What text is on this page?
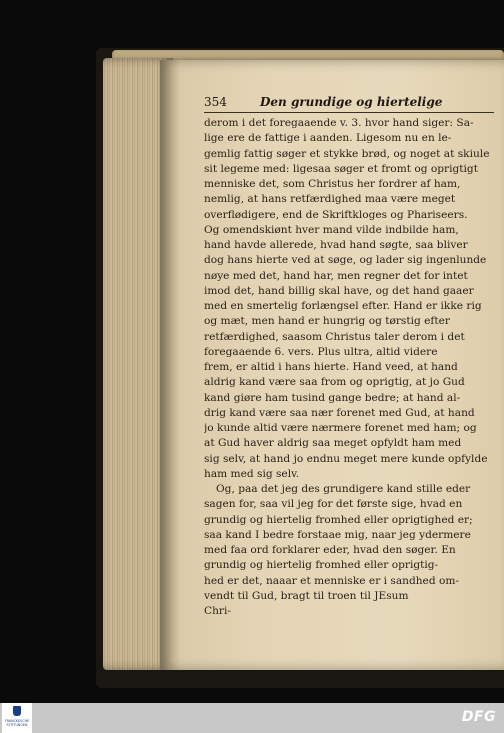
354	Den grundige og hiertelige
derom i det foregaaende v. 3. hvor hand siger: Sa-
lige ere de fattige i aanden. Ligesom nu en le-
gemlig fattig søger et stykke brød, og noget at skiule
sit legeme med: ligesaa søger et fromt og oprigtigt
menniske det, som Christus her fordrer af ham,
nemlig, at hans retfærdighed maa være meget
overflødigere, end de Skriftkloges og Phariseers.
Og omendskiønt hver mand vilde indbilde ham,
hand havde allerede, hvad hand søgte, saa bliver
dog hans hierte ved at søge, og lader sig ingenlunde
nøye med det, hand har, men regner det for intet
imod det, hand billig skal have, og det hand gaaer
med en smertelig forlængsel efter. Hand er ikke rig
og mæt, men hand er hungrig og tørstig efter
retfærdighed, saasom Christus taler derom i det
foregaaende 6. vers. Plus ultra, altid videre
frem, er altid i hans hierte. Hand veed, at hand
aldrig kand være saa from og oprigtig, at jo Gud
kand giøre ham tusind gange bedre; at hand al-
drig kand være saa nær forenet med Gud, at hand
jo kunde altid være nærmere forenet med ham; og
at Gud haver aldrig saa meget opfyldt ham med
sig selv, at hand jo endnu meget mere kunde opfylde
ham med sig selv.
Og, paa det jeg des grundigere kand stille eder
sagen for, saa vil jeg for det første sige, hvad en
grundig og hiertelig fromhed eller oprigtighed er;
saa kand I bedre forstaae mig, naar jeg ydermere
med faa ord forklarer eder, hvad den søger. En
grundig og hiertelig fromhed eller oprigtig-
hed er det, naaar et menniske er i sandhed om-
vendt til Gud, bragt til troen til JEsum
Chri-
FRANCKESCHE STIFTUNGEN	DFG
